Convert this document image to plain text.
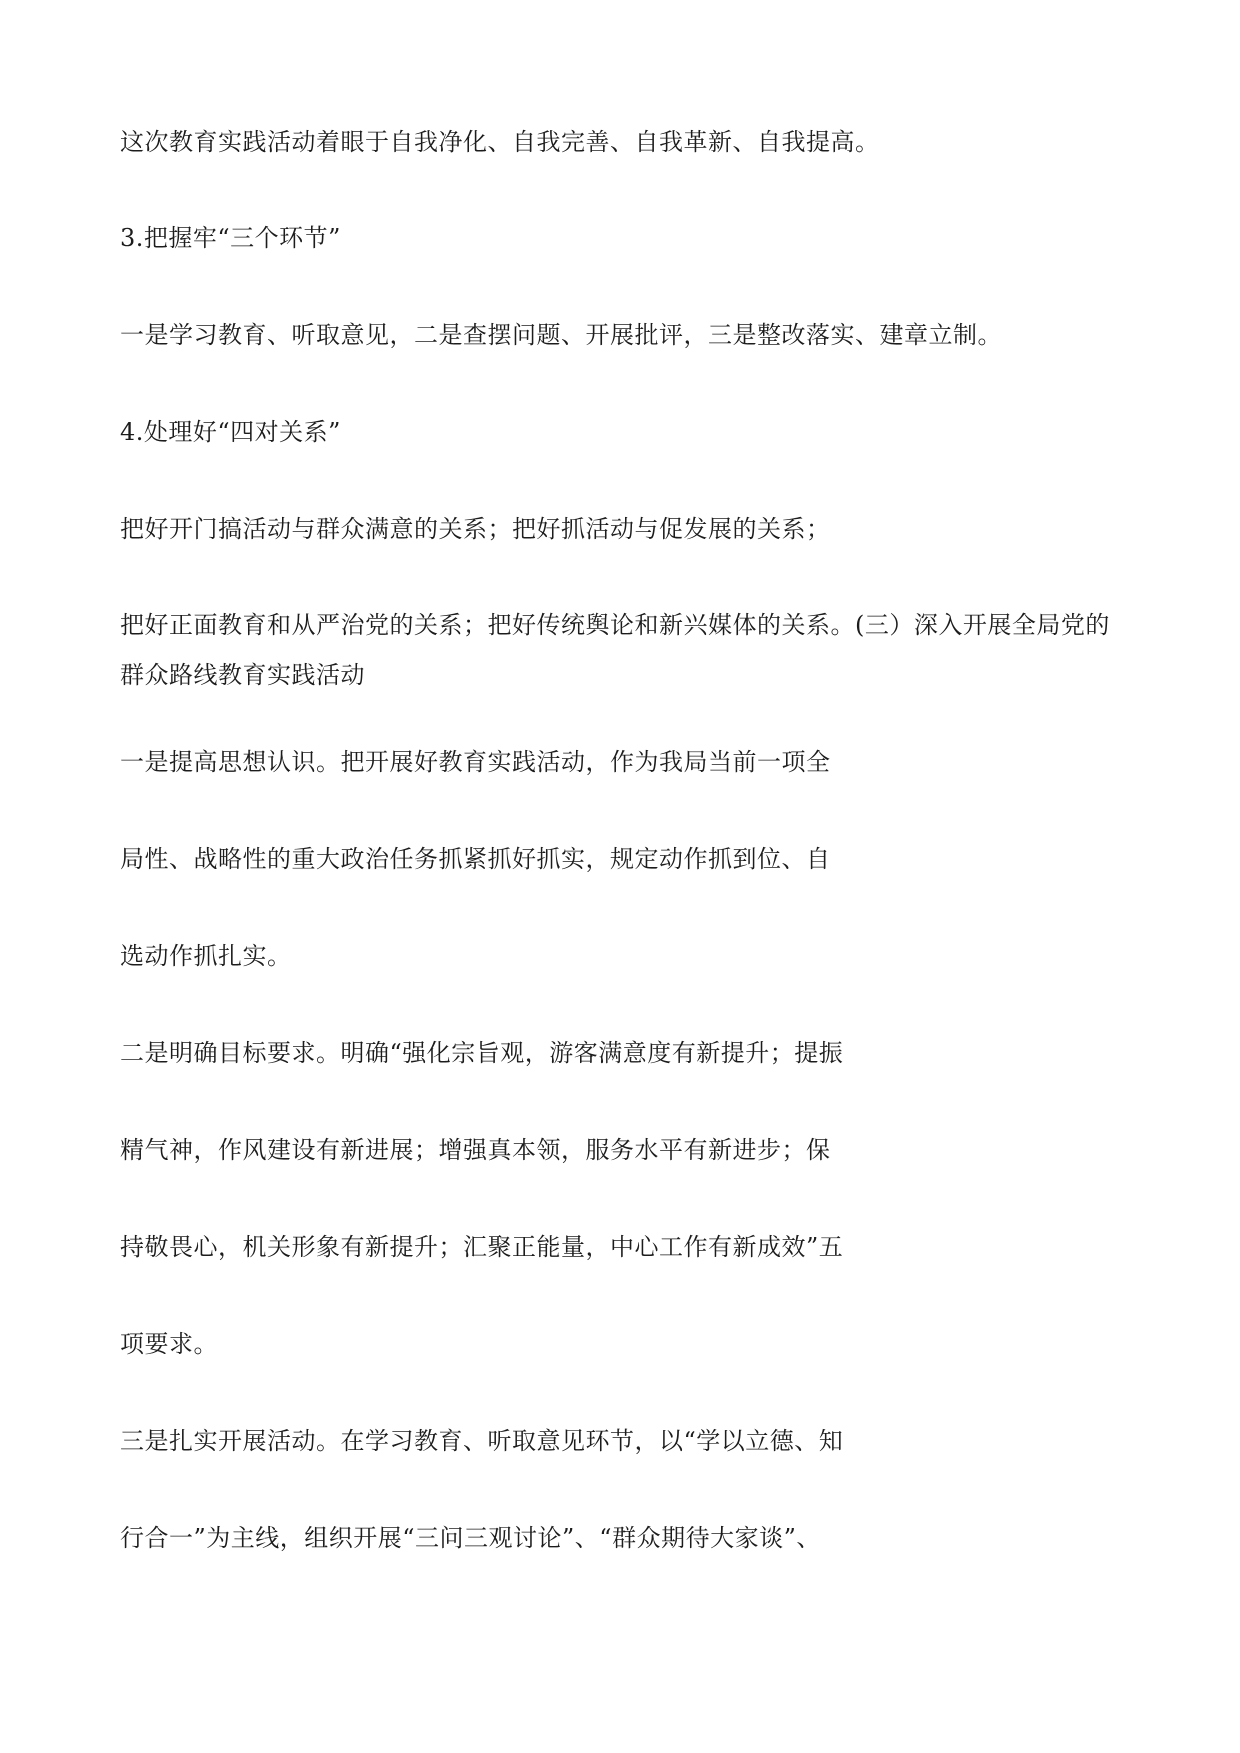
这次教育实践活动着眼于自我净化、自我完善、自我革新、自我提高。

3.把握牢“三个环节”

一是学习教育、听取意见，二是查摆问题、开展批评，三是整改落实、建章立制。

4.处理好“四对关系”

把好开门搞活动与群众满意的关系；把好抓活动与促发展的关系；

把好正面教育和从严治党的关系；把好传统舆论和新兴媒体的关系。(三）深入开展全局党的群众路线教育实践活动

一是提高思想认识。把开展好教育实践活动，作为我局当前一项全

局性、战略性的重大政治任务抓紧抓好抓实，规定动作抓到位、自

选动作抓扎实。

二是明确目标要求。明确“强化宗旨观，游客满意度有新提升；提振

精气神，作风建设有新进展；增强真本领，服务水平有新进步；保

持敬畏心，机关形象有新提升；汇聚正能量，中心工作有新成效”五

项要求。

三是扎实开展活动。在学习教育、听取意见环节，以“学以立德、知

行合一”为主线，组织开展“三问三观讨论”、“群众期待大家谈”、
